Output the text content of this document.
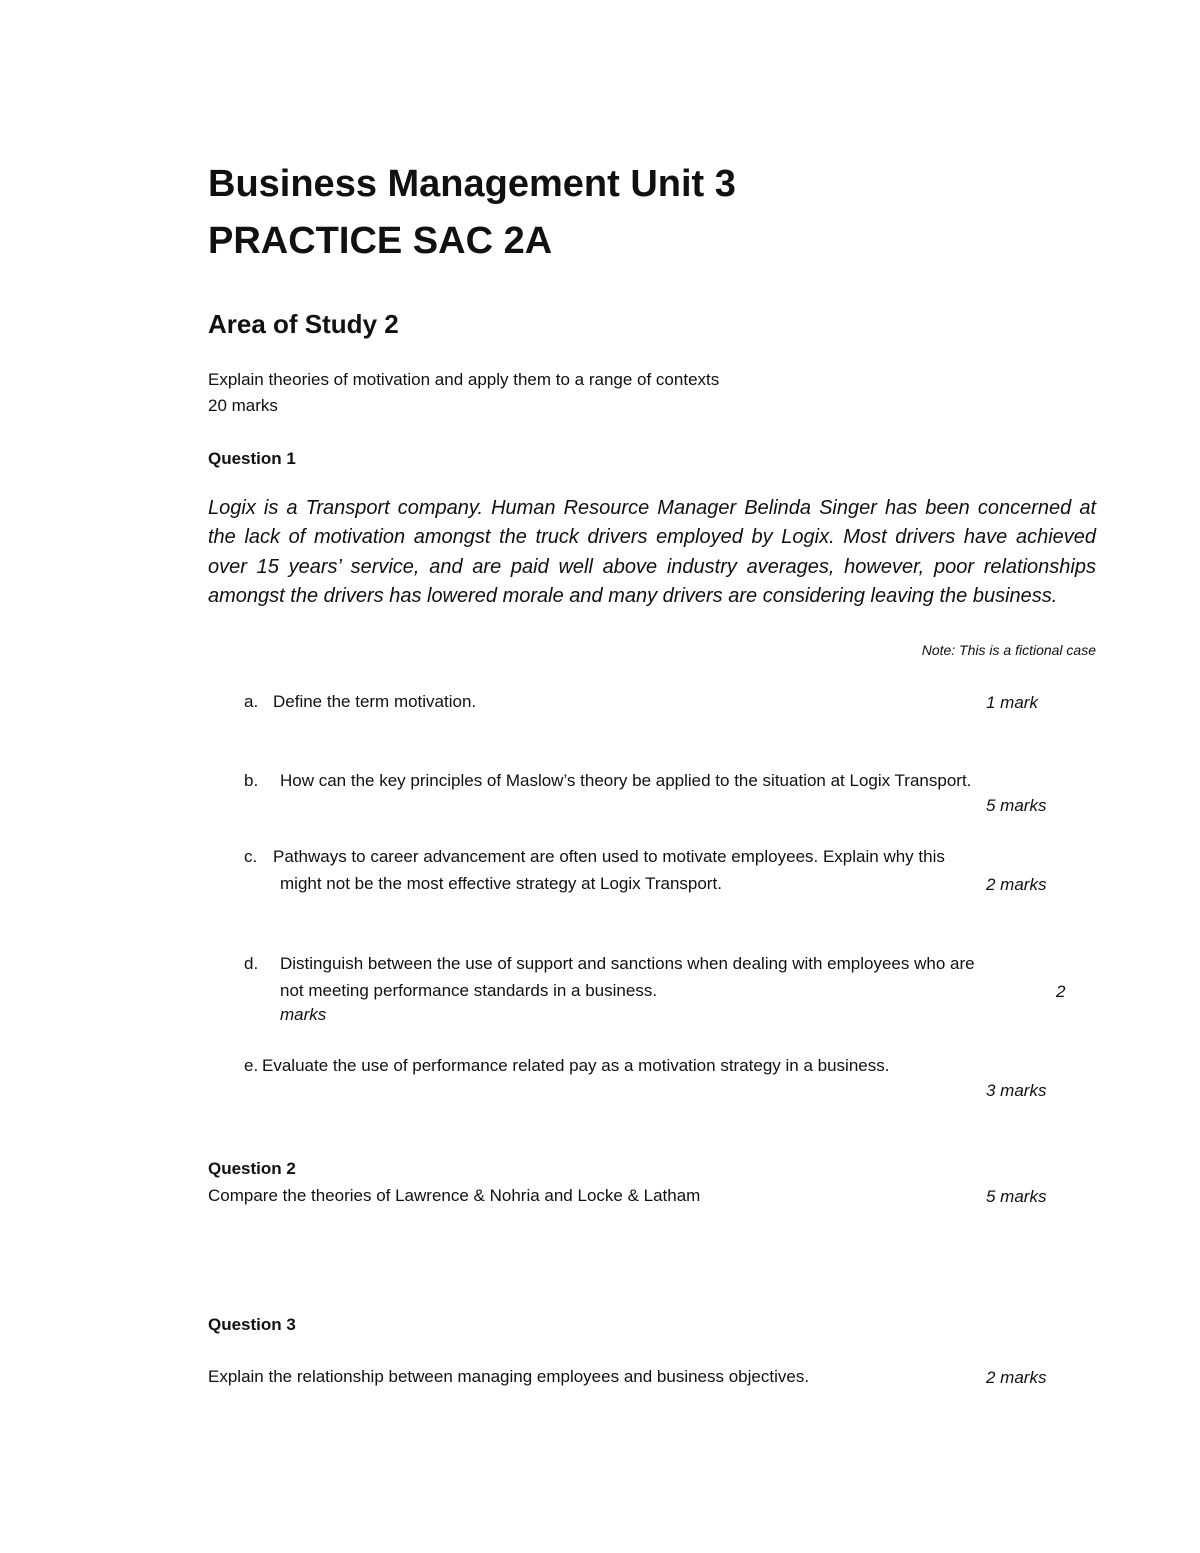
Business Management Unit 3
PRACTICE SAC 2A
Area of Study 2
Explain theories of motivation and apply them to a range of contexts
20 marks
Question 1
Logix is a Transport company. Human Resource Manager Belinda Singer has been concerned at the lack of motivation amongst the truck drivers employed by Logix. Most drivers have achieved over 15 years’ service, and are paid well above industry averages, however, poor relationships amongst the drivers has lowered morale and many drivers are considering leaving the business.
Note: This is a fictional case
a. Define the term motivation.	1 mark
b. How can the key principles of Maslow’s theory be applied to the situation at Logix Transport.
5 marks
c. Pathways to career advancement are often used to motivate employees. Explain why this
might not be the most effective strategy at Logix Transport.	2 marks
d. Distinguish between the use of support and sanctions when dealing with employees who are
not meeting performance standards in a business.	2
marks
e. Evaluate the use of performance related pay as a motivation strategy in a business.
3 marks
Question 2
Compare the theories of Lawrence & Nohria and Locke & Latham	5 marks
Question 3
Explain the relationship between managing employees and business objectives.	2 marks
